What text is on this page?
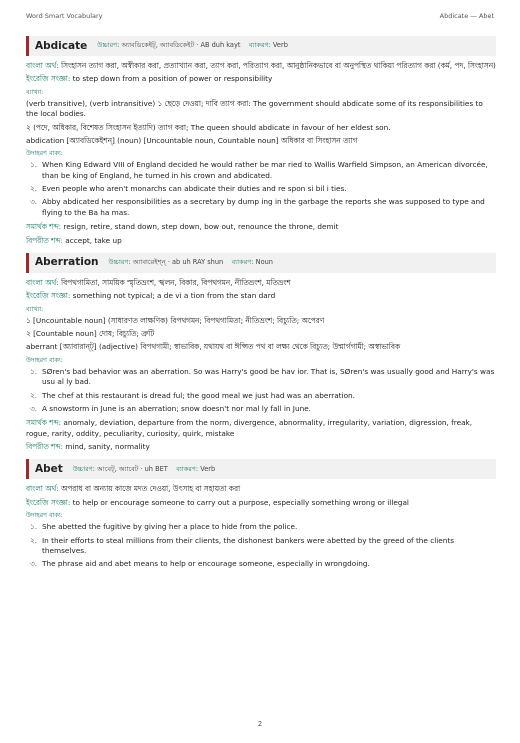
Word Smart Vocabulary	Abdicate — Abet
Abdicate উচ্চারণ: অ্যাবডিকেইট্‌, অ্যাবডিকেইট · AB duh kayt ব্যাকরণ: Verb
বাংলা অর্থ: সিংহাসন ত্যাগ করা, অস্বীকার করা, প্রত্যাখ্যান করা, ত্যাগ করা, পরিত্যাগ করা, আনুষ্ঠানিকভাবে বা অনুপস্থিত থাকিয়া পরিত্যাগ করা (কর্ম, পদ, সিংহাসন)
ইংরেজি সংজ্ঞা: to step down from a position of power or responsibility
ব্যাখ্যা:
(verb transitive), (verb intransitive) ১ ছেড়ে দেওয়া; দাবি ত্যাগ করা: The government should abdicate some of its responsibilities to the local bodies.
২ (পদে, অধিকার, বিশেষত সিংহাসন ইত্যাদি) ত্যাগ করা; The queen should abdicate in favour of her eldest son.
abdication [অ্যাবডিকেইশন্‌] (noun) [Uncountable noun, Countable noun] অধিকার বা সিংহাসন ত্যাগ
উদাহরণ বাক্য:
১. When King Edward VIII of England decided he would rather be mar ried to Wallis Warfield Simpson, an American divorcée, than be king of England, he turned in his crown and abdicated.
২. Even people who aren't monarchs can abdicate their duties and re spon si bil i ties.
৩. Abby abdicated her responsibilities as a secretary by dump ing in the garbage the reports she was supposed to type and flying to the Ba ha mas.
সমার্থক শব্দ: resign, retire, stand down, step down, bow out, renounce the throne, demit
বিপরীত শব্দ: accept, take up
Aberration উচ্চারণ: অ্যাবারেইশ্‌ন্‌ · ab uh RAY shun ব্যাকরণ: Noun
বাংলা অর্থ: বিপথগামিতা, সাময়িক স্মৃতিভ্রংশ, স্খলন, বিকার, বিপথগমন, নীতিভ্রংশ, মতিভ্রংশ
ইংরেজি সংজ্ঞা: something not typical; a de vi a tion from the stan dard
ব্যাখ্যা:
১ [Uncountable noun] (সাধারণত লাক্ষণিক) বিপথগমন; বিপথগামিতা; নীতিভ্রংশ; বিচ্যুতি; অপেরণ
২ [Countable noun] দোষ; বিচ্যুতি; ত্রুটি
aberrant [অ্যাবারান্ট্‌] (adjective) বিপথগামী; স্বাভাবিক, যথাযথ বা ঈপ্সিত পথ বা লক্ষ্য থেকে বিচ্যুত; উন্মার্গগামী; অস্বাভাবিক
উদাহরণ বাক্য:
১. SØren's bad behavior was an aberration. So was Harry's good be hav ior. That is, SØren's was usually good and Harry's was usu al ly bad.
২. The chef at this restaurant is dread ful; the good meal we just had was an aberration.
৩. A snowstorm in June is an aberration; snow doesn't nor mal ly fall in June.
সমার্থক শব্দ: anomaly, deviation, departure from the norm, divergence, abnormality, irregularity, variation, digression, freak, rogue, rarity, oddity, peculiarity, curiosity, quirk, mistake
বিপরীত শব্দ: mind, sanity, normality
Abet উচ্চারণ: আবেট্‌, অ্যাবেট · uh BET ব্যাকরণ: Verb
বাংলা অর্থ: অপরাধ বা অন্যায় কাজে মদত দেওয়া, উৎসাহ বা সহায়তা করা
ইংরেজি সংজ্ঞা: to help or encourage someone to carry out a purpose, especially something wrong or illegal
উদাহরণ বাক্য:
১. She abetted the fugitive by giving her a place to hide from the police.
২. In their efforts to steal millions from their clients, the dishonest bankers were abetted by the greed of the clients themselves.
৩. The phrase aid and abet means to help or encourage someone, especially in wrongdoing.
2
